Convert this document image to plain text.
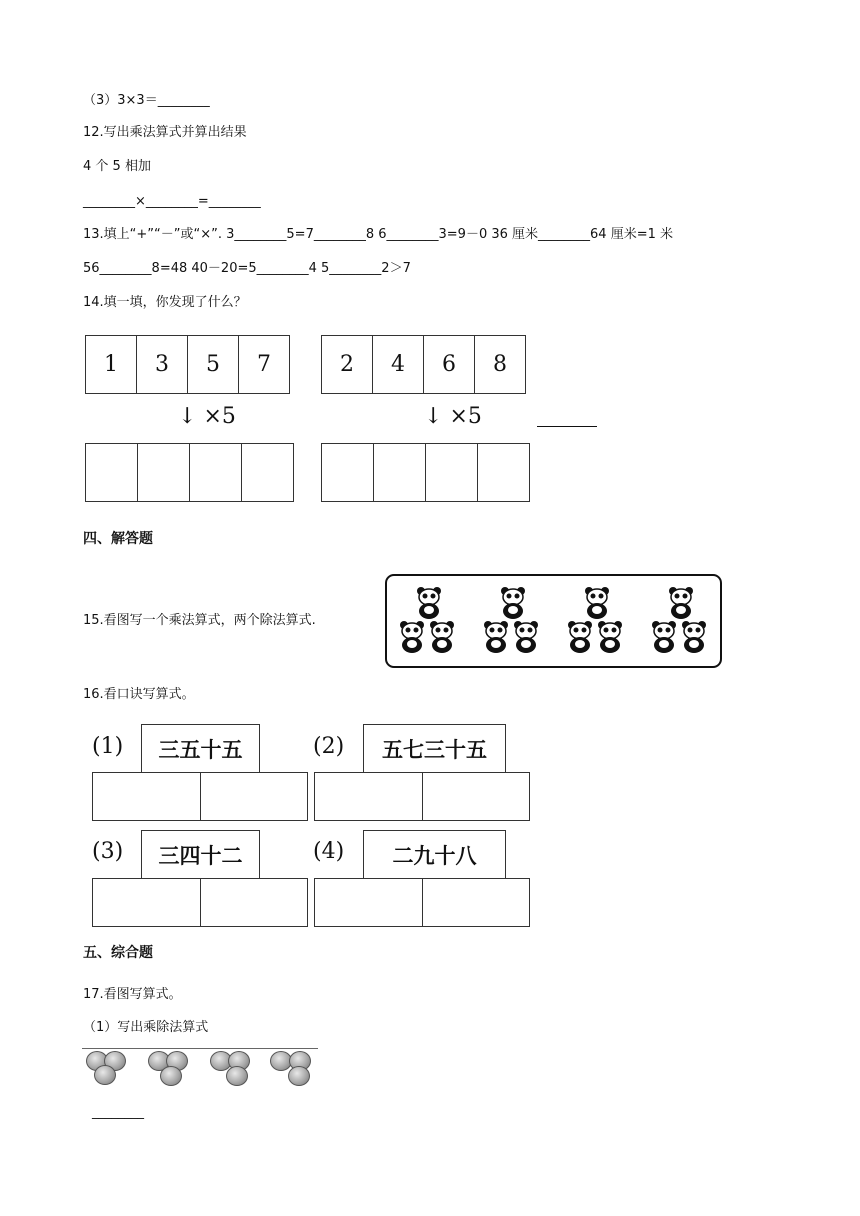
（3）3×3＝________
12.写出乘法算式并算出结果
4 个 5 相加
________×________=________
13.填上“+”“－”或“×”. 3________5=7________8 6________3=9－0 36 厘米________64 厘米=1 米
56________8=48 40－20=5________4 5________2＞7
14.填一填，你发现了什么？
1	3	5	7	2	4	6	8
↓ ×5	↓ ×5
四、解答题
15.看图写一个乘法算式，两个除法算式.
16.看口诀写算式。
(1)	三五十五	(2)	五七三十五
(3)	三四十二	(4)	二九十八
五、综合题
17.看图写算式。
（1）写出乘除法算式
________
